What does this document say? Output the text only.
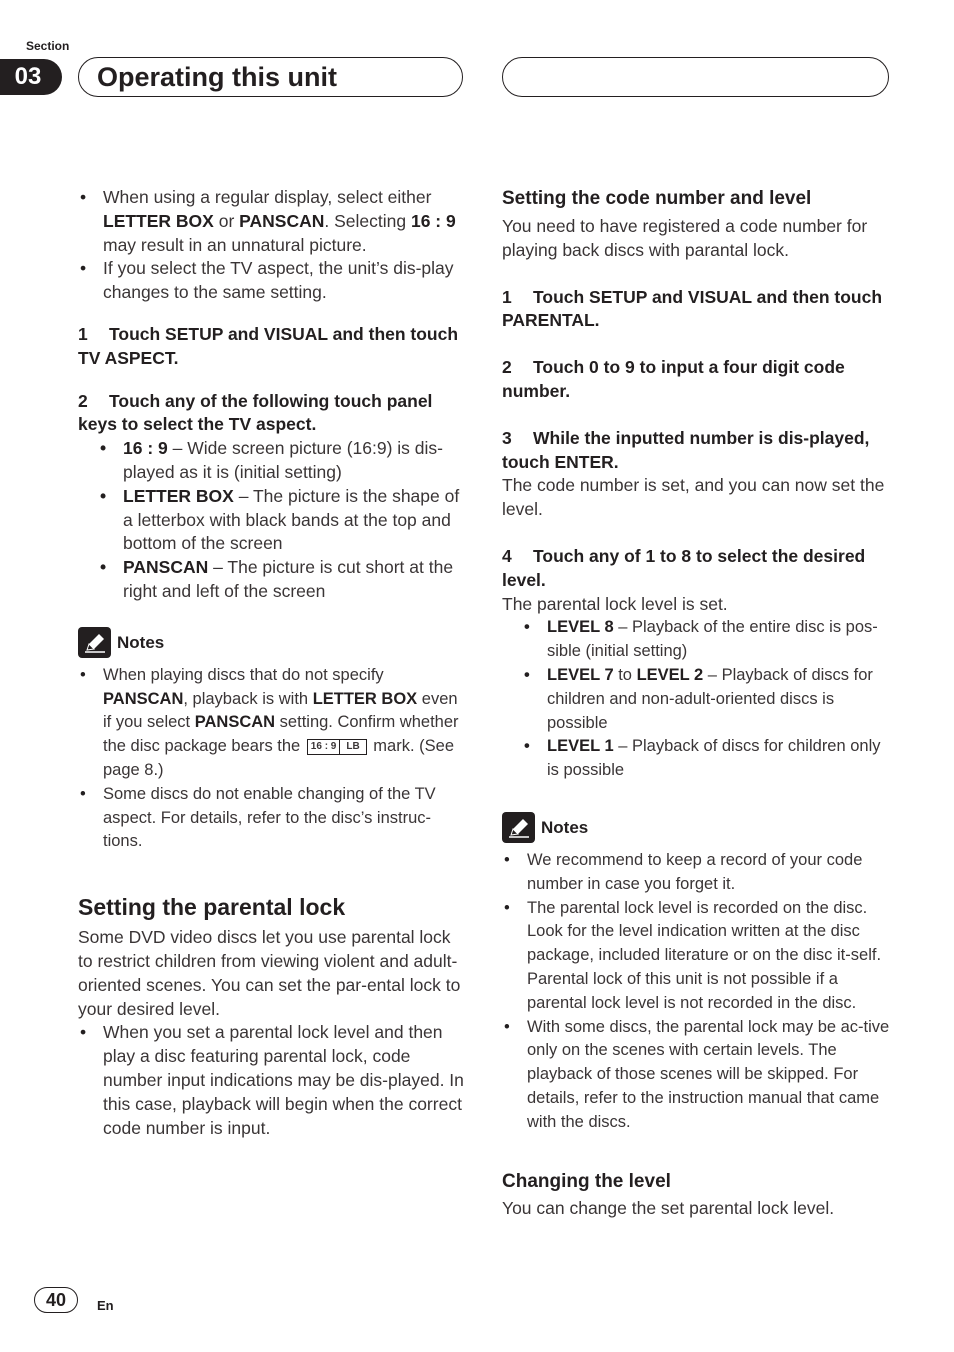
Section
03	Operating this unit
• When using a regular display, select either LETTER BOX or PANSCAN. Selecting 16 : 9 may result in an unnatural picture.
• If you select the TV aspect, the unit’s dis-play changes to the same setting.

1 Touch SETUP and VISUAL and then touch TV ASPECT.

2 Touch any of the following touch panel keys to select the TV aspect.

• 16 : 9 – Wide screen picture (16:9) is dis-played as it is (initial setting)
• LETTER BOX – The picture is the shape of a letterbox with black bands at the top and bottom of the screen
• PANSCAN – The picture is cut short at the right and left of the screen
Notes
• When playing discs that do not specify PANSCAN, playback is with LETTER BOX even if you select PANSCAN setting. Confirm whether the disc package bears the 16 : 9	LB mark. (See page 8.)
• Some discs do not enable changing of the TV aspect. For details, refer to the disc’s instruc-tions.
Setting the parental lock

Some DVD video discs let you use parental lock to restrict children from viewing violent and adult-oriented scenes. You can set the par-ental lock to your desired level.

• When you set a parental lock level and then play a disc featuring parental lock, code number input indications may be dis-played. In this case, playback will begin when the correct code number is input.
Setting the code number and level

You need to have registered a code number for playing back discs with parantal lock.

1 Touch SETUP and VISUAL and then touch PARENTAL.

2 Touch 0 to 9 to input a four digit code number.

3 While the inputted number is dis-played, touch ENTER.

The code number is set, and you can now set the level.

4 Touch any of 1 to 8 to select the desired level.

The parental lock level is set.

• LEVEL 8 – Playback of the entire disc is pos-sible (initial setting)
• LEVEL 7 to LEVEL 2 – Playback of discs for children and non-adult-oriented discs is possible
• LEVEL 1 – Playback of discs for children only is possible
Notes
• We recommend to keep a record of your code number in case you forget it.
• The parental lock level is recorded on the disc. Look for the level indication written at the disc package, included literature or on the disc it-self. Parental lock of this unit is not possible if a parental lock level is not recorded in the disc.
• With some discs, the parental lock may be ac-tive only on the scenes with certain levels. The playback of those scenes will be skipped. For details, refer to the instruction manual that came with the discs.
Changing the level

You can change the set parental lock level.

40	En
